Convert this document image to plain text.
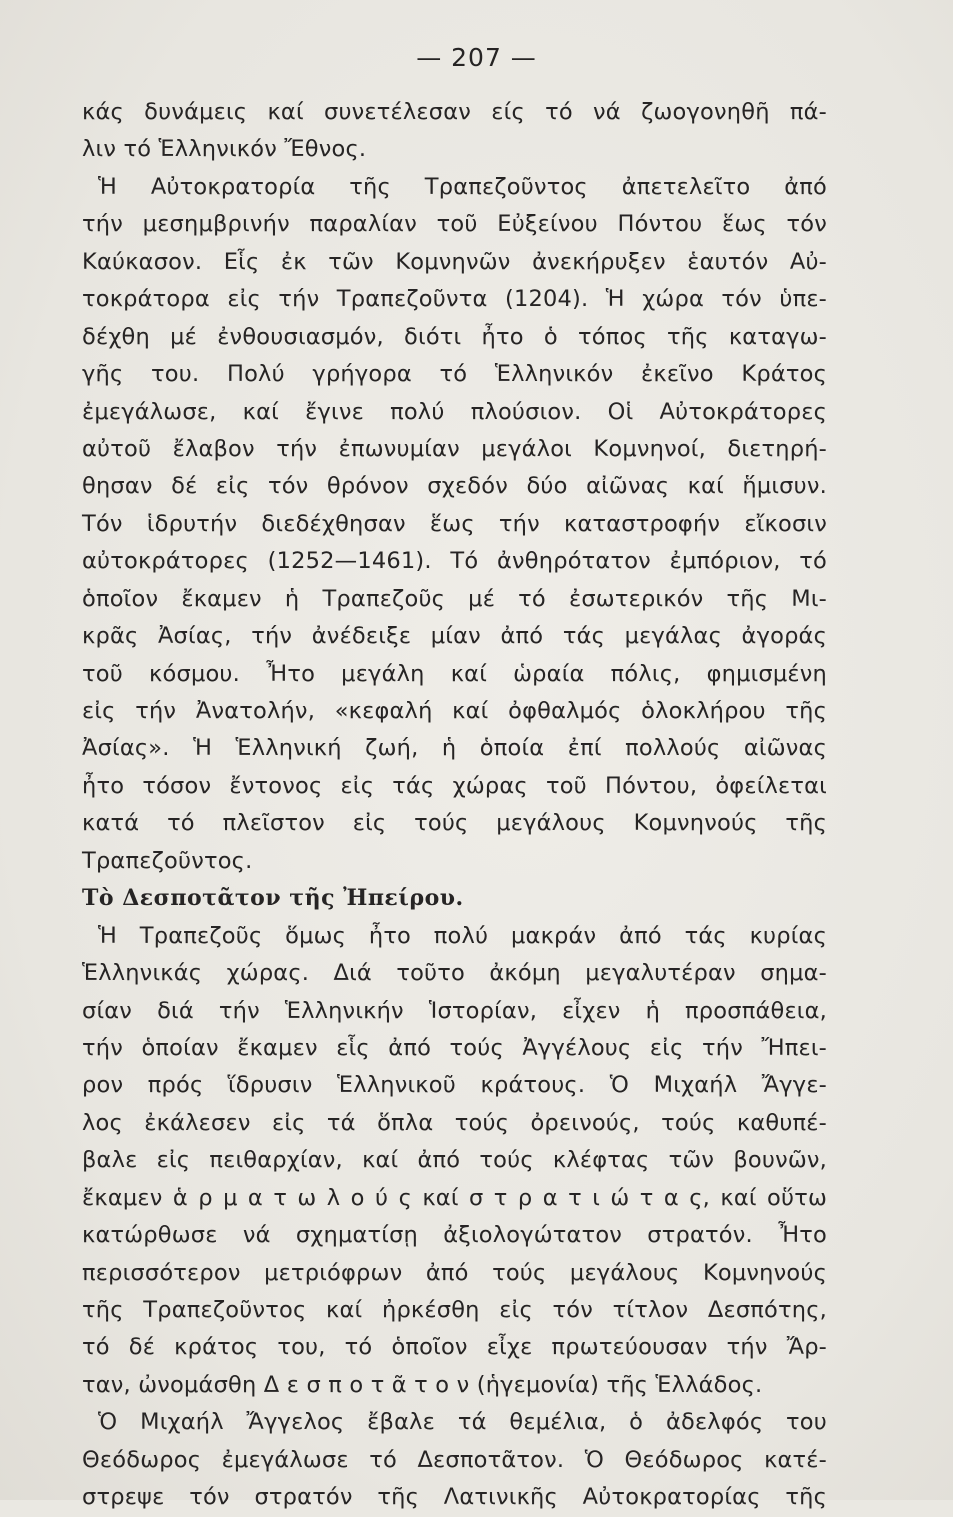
— 207 —
κάς δυνάμεις καί συνετέλεσαν είς τό νά ζωογονηθῆ πά-
λιν τό Ἑλληνικόν Ἔθνος.
Ἡ Αὐτοκρατορία τῆς Τραπεζοῦντος ἀπετελεῖτο ἀπό
τήν μεσημβρινήν παραλίαν τοῦ Εὐξείνου Πόντου ἕως τόν
Καύκασον. Εἷς ἐκ τῶν Κομνηνῶν ἀνεκήρυξεν ἑαυτόν Αὐ-
τοκράτορα εἰς τήν Τραπεζοῦντα (1204). Ἡ χώρα τόν ὑπε-
δέχθη μέ ἐνθουσιασμόν, διότι ἦτο ὁ τόπος τῆς καταγω-
γῆς του. Πολύ γρήγορα τό Ἑλληνικόν ἐκεῖνο Κράτος
ἐμεγάλωσε, καί ἔγινε πολύ πλούσιον. Οἱ Αὐτοκράτορες
αὐτοῦ ἔλαβον τήν ἐπωνυμίαν μεγάλοι Κομνηνοί, διετηρή-
θησαν δέ εἰς τόν θρόνον σχεδόν δύο αἰῶνας καί ἥμισυν.
Τόν ἱδρυτήν διεδέχθησαν ἕως τήν καταστροφήν εἴκοσιν
αὐτοκράτορες (1252—1461). Τό ἀνθηρότατον ἐμπόριον, τό
ὁποῖον ἔκαμεν ἡ Τραπεζοῦς μέ τό ἐσωτερικόν τῆς Μι-
κρᾶς Ἀσίας, τήν ἀνέδειξε μίαν ἀπό τάς μεγάλας ἀγοράς
τοῦ κόσμου. Ἦτο μεγάλη καί ὡραία πόλις, φημισμένη
εἰς τήν Ἀνατολήν, «κεφαλή καί ὀφθαλμός ὁλοκλήρου τῆς
Ἀσίας». Ἡ Ἑλληνική ζωή, ἡ ὁποία ἐπί πολλούς αἰῶνας
ἦτο τόσον ἔντονος εἰς τάς χώρας τοῦ Πόντου, ὀφείλεται
κατά τό πλεῖστον εἰς τούς μεγάλους Κομνηνούς τῆς
Τραπεζοῦντος.
Τὸ Δεσποτᾶτον τῆς Ἠπείρου.
Ἡ Τραπεζοῦς ὅμως ἦτο πολύ μακράν ἀπό τάς κυρίας
Ἑλληνικάς χώρας. Διά τοῦτο ἀκόμη μεγαλυτέραν σημα-
σίαν διά τήν Ἑλληνικήν Ἱστορίαν, εἶχεν ἡ προσπάθεια,
τήν ὁποίαν ἔκαμεν εἷς ἀπό τούς Ἀγγέλους εἰς τήν Ἤπει-
ρον πρός ἵδρυσιν Ἑλληνικοῦ κράτους. Ὁ Μιχαήλ Ἄγγε-
λος ἐκάλεσεν εἰς τά ὅπλα τούς ὀρεινούς, τούς καθυπέ-
βαλε εἰς πειθαρχίαν, καί ἀπό τούς κλέφτας τῶν βουνῶν,
ἔκαμεν ἁ ρ μ α τ ω λ ο ύ ς καί σ τ ρ α τ ι ώ τ α ς, καί οὕτω
κατώρθωσε νά σχηματίσῃ ἀξιολογώτατον στρατόν. Ἦτο
περισσότερον μετριόφρων ἀπό τούς μεγάλους Κομνηνούς
τῆς Τραπεζοῦντος καί ἠρκέσθη εἰς τόν τίτλον Δεσπότης,
τό δέ κράτος του, τό ὁποῖον εἶχε πρωτεύουσαν τήν Ἄρ-
ταν, ὠνομάσθη Δ ε σ π ο τ ᾶ τ ο ν (ἡγεμονία) τῆς Ἑλλάδος.
Ὁ Μιχαήλ Ἄγγελος ἔβαλε τά θεμέλια, ὁ ἀδελφός του
Θεόδωρος ἐμεγάλωσε τό Δεσποτᾶτον. Ὁ Θεόδωρος κατέ-
στρεψε τόν στρατόν τῆς Λατινικῆς Αὐτοκρατορίας τῆς
